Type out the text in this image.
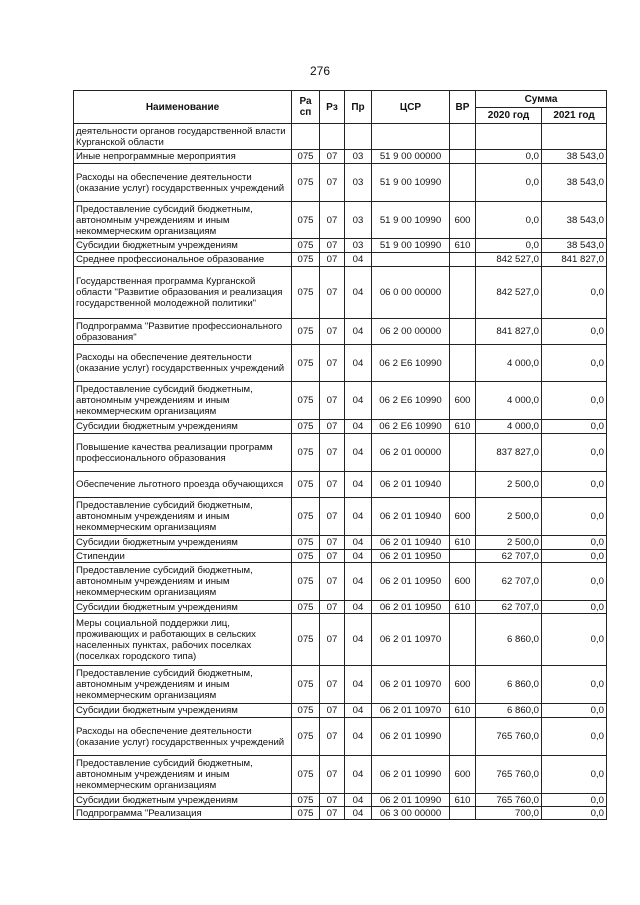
276
Наименование	Ра сп	Рз	Пр	ЦСР	ВР	Сумма	
						2020 год	2021 год
деятельности органов государственной власти Курганской области							
Иные непрограммные мероприятия	075	07	03	51 9 00 00000		0,0	38 543,0
Расходы на обеспечение деятельности (оказание услуг) государственных учреждений	075	07	03	51 9 00 10990		0,0	38 543,0
Предоставление субсидий бюджетным, автономным учреждениям и иным некоммерческим организациям	075	07	03	51 9 00 10990	600	0,0	38 543,0
Субсидии бюджетным учреждениям	075	07	03	51 9 00 10990	610	0,0	38 543,0
Среднее профессиональное образование	075	07	04			842 527,0	841 827,0
Государственная программа Курганской области "Развитие образования и реализация государственной молодежной политики"	075	07	04	06 0 00 00000		842 527,0	0,0
Подпрограмма "Развитие профессионального образования"	075	07	04	06 2 00 00000		841 827,0	0,0
Расходы на обеспечение деятельности (оказание услуг) государственных учреждений	075	07	04	06 2 Е6 10990		4 000,0	0,0
Предоставление субсидий бюджетным, автономным учреждениям и иным некоммерческим организациям	075	07	04	06 2 Е6 10990	600	4 000,0	0,0
Субсидии бюджетным учреждениям	075	07	04	06 2 Е6 10990	610	4 000,0	0,0
Повышение качества реализации программ профессионального образования	075	07	04	06 2 01 00000		837 827,0	0,0
Обеспечение льготного проезда обучающихся	075	07	04	06 2 01 10940		2 500,0	0,0
Предоставление субсидий бюджетным, автономным учреждениям и иным некоммерческим организациям	075	07	04	06 2 01 10940	600	2 500,0	0,0
Субсидии бюджетным учреждениям	075	07	04	06 2 01 10940	610	2 500,0	0,0
Стипендии	075	07	04	06 2 01 10950		62 707,0	0,0
Предоставление субсидий бюджетным, автономным учреждениям и иным некоммерческим организациям	075	07	04	06 2 01 10950	600	62 707,0	0,0
Субсидии бюджетным учреждениям	075	07	04	06 2 01 10950	610	62 707,0	0,0
Меры социальной поддержки лиц, проживающих и работающих в сельских населенных пунктах, рабочих поселках (поселках городского типа)	075	07	04	06 2 01 10970		6 860,0	0,0
Предоставление субсидий бюджетным, автономным учреждениям и иным некоммерческим организациям	075	07	04	06 2 01 10970	600	6 860,0	0,0
Субсидии бюджетным учреждениям	075	07	04	06 2 01 10970	610	6 860,0	0,0
Расходы на обеспечение деятельности (оказание услуг) государственных учреждений	075	07	04	06 2 01 10990		765 760,0	0,0
Предоставление субсидий бюджетным, автономным учреждениям и иным некоммерческим организациям	075	07	04	06 2 01 10990	600	765 760,0	0,0
Субсидии бюджетным учреждениям	075	07	04	06 2 01 10990	610	765 760,0	0,0
Подпрограмма "Реализация	075	07	04	06 3 00 00000		700,0	0,0
